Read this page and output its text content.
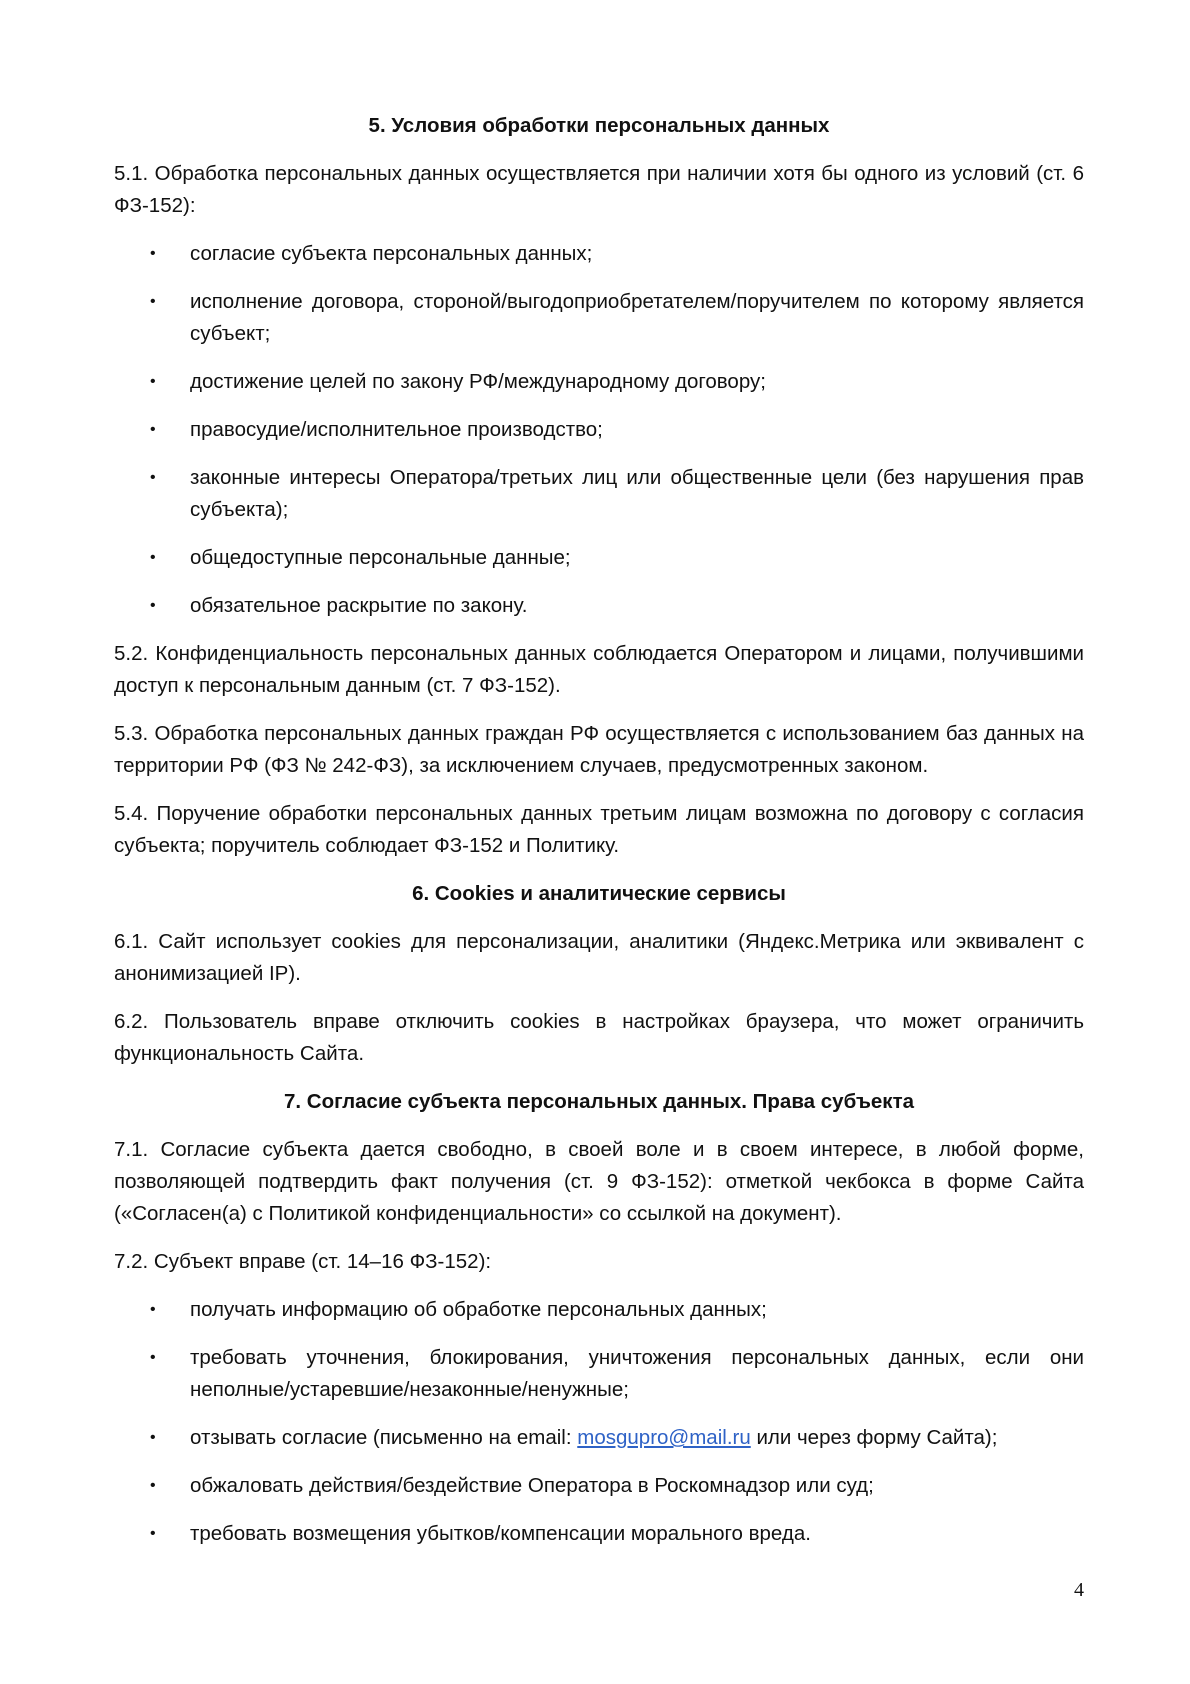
5. Условия обработки персональных данных

5.1. Обработка персональных данных осуществляется при наличии хотя бы одного из условий (ст. 6 ФЗ-152):

• согласие субъекта персональных данных;
• исполнение договора, стороной/выгодоприобретателем/поручителем по которому является субъект;
• достижение целей по закону РФ/международному договору;
• правосудие/исполнительное производство;
• законные интересы Оператора/третьих лиц или общественные цели (без нарушения прав субъекта);
• общедоступные персональные данные;
• обязательное раскрытие по закону.

5.2. Конфиденциальность персональных данных соблюдается Оператором и лицами, получившими доступ к персональным данным (ст. 7 ФЗ-152).

5.3. Обработка персональных данных граждан РФ осуществляется с использованием баз данных на территории РФ (ФЗ № 242-ФЗ), за исключением случаев, предусмотренных законом.

5.4. Поручение обработки персональных данных третьим лицам возможна по договору с согласия субъекта; поручитель соблюдает ФЗ-152 и Политику.

6. Cookies и аналитические сервисы

6.1. Сайт использует cookies для персонализации, аналитики (Яндекс.Метрика или эквивалент с анонимизацией IP).

6.2. Пользователь вправе отключить cookies в настройках браузера, что может ограничить функциональность Сайта.

7. Согласие субъекта персональных данных. Права субъекта

7.1. Согласие субъекта дается свободно, в своей воле и в своем интересе, в любой форме, позволяющей подтвердить факт получения (ст. 9 ФЗ-152): отметкой чекбокса в форме Сайта («Согласен(а) с Политикой конфиденциальности» со ссылкой на документ).

7.2. Субъект вправе (ст. 14–16 ФЗ-152):

• получать информацию об обработке персональных данных;
• требовать уточнения, блокирования, уничтожения персональных данных, если они неполные/устаревшие/незаконные/ненужные;
• отзывать согласие (письменно на email: mosgupro@mail.ru или через форму Сайта);
• обжаловать действия/бездействие Оператора в Роскомнадзор или суд;
• требовать возмещения убытков/компенсации морального вреда.
4
